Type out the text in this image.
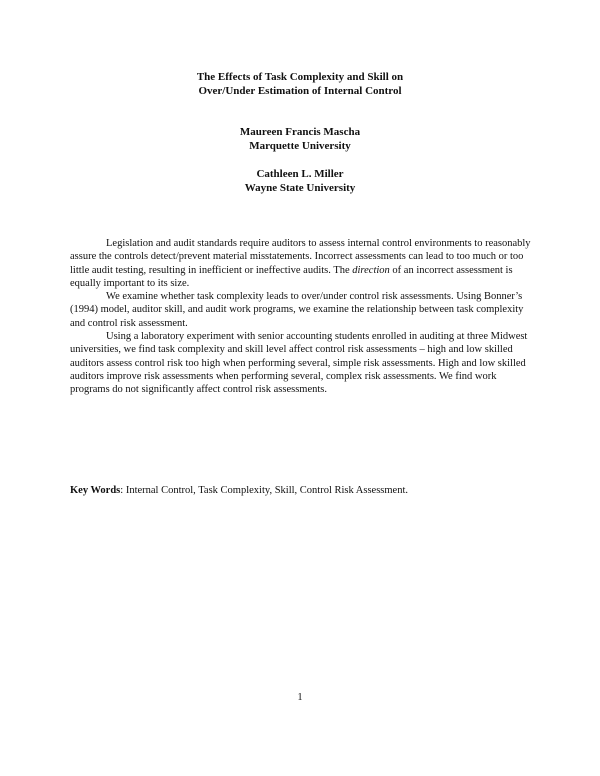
The Effects of Task Complexity and Skill on
Over/Under Estimation of Internal Control
Maureen Francis Mascha
Marquette University
Cathleen L. Miller
Wayne State University

Legislation and audit standards require auditors to assess internal control environments to reasonably assure the controls detect/prevent material misstatements. Incorrect assessments can lead to too much or too little audit testing, resulting in inefficient or ineffective audits. The direction of an incorrect assessment is equally important to its size.

We examine whether task complexity leads to over/under control risk assessments. Using Bonner’s (1994) model, auditor skill, and audit work programs, we examine the relationship between task complexity and control risk assessment.

Using a laboratory experiment with senior accounting students enrolled in auditing at three Midwest universities, we find task complexity and skill level affect control risk assessments – high and low skilled auditors assess control risk too high when performing several, simple risk assessments. High and low skilled auditors improve risk assessments when performing several, complex risk assessments. We find work programs do not significantly affect control risk assessments.

Key Words: Internal Control, Task Complexity, Skill, Control Risk Assessment.
1
